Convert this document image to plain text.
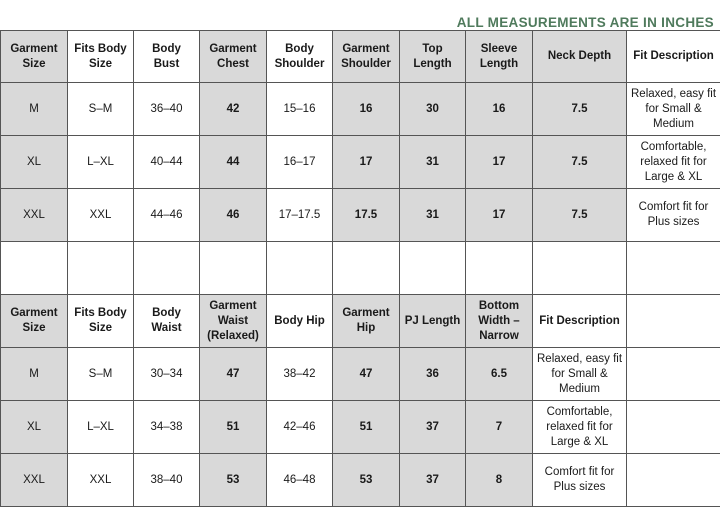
ALL MEASUREMENTS ARE IN INCHES
Garment Size	Fits Body Size	Body Bust	Garment Chest	Body Shoulder	Garment Shoulder	Top Length	Sleeve Length	Neck Depth	Fit Description
M	S–M	36–40	42	15–16	16	30	16	7.5	Relaxed, easy fit for Small & Medium
XL	L–XL	40–44	44	16–17	17	31	17	7.5	Comfortable, relaxed fit for Large & XL
XXL	XXL	44–46	46	17–17.5	17.5	31	17	7.5	Comfort fit for Plus sizes

Garment Size	Fits Body Size	Body Waist	Garment Waist (Relaxed)	Body Hip	Garment Hip	PJ Length	Bottom Width – Narrow	Fit Description	
M	S–M	30–34	47	38–42	47	36	6.5	Relaxed, easy fit for Small & Medium	
XL	L–XL	34–38	51	42–46	51	37	7	Comfortable, relaxed fit for Large & XL	
XXL	XXL	38–40	53	46–48	53	37	8	Comfort fit for Plus sizes	
